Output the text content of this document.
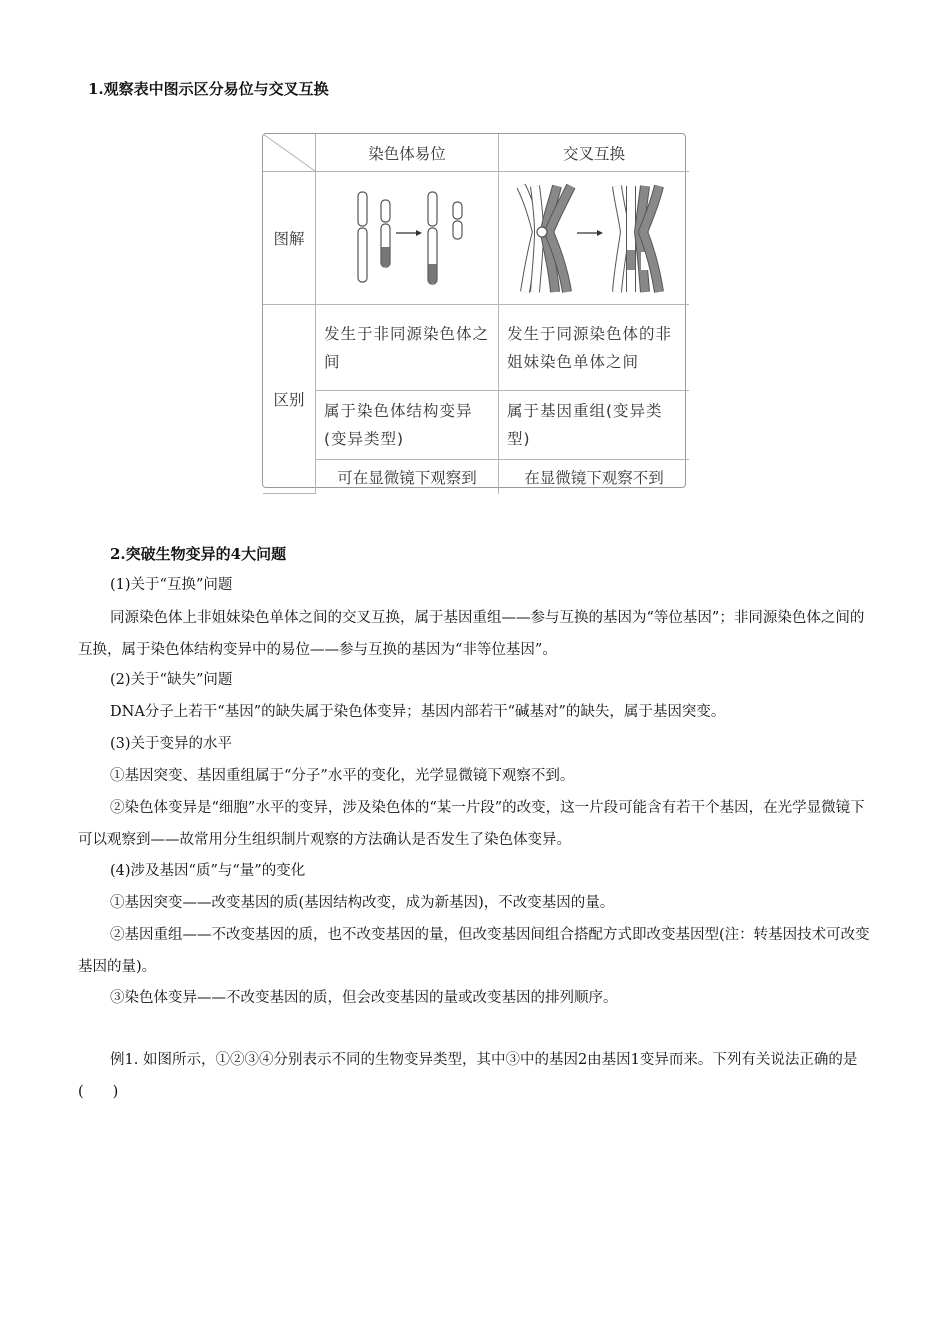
1.观察表中图示区分易位与交叉互换
	染色体易位	交叉互换
图解	

区别	发生于非同源染色体之间	发生于同源染色体的非姐妹染色单体之间

	属于染色体结构变异(变异类型)	属于基因重组(变异类型)

	可在显微镜下观察到	在显微镜下观察不到
2.突破生物变异的4大问题
(1)关于“互换”问题
同源染色体上非姐妹染色单体之间的交叉互换，属于基因重组——参与互换的基因为“等位基因”；非同源染色体之间的互换，属于染色体结构变异中的易位——参与互换的基因为“非等位基因”。
(2)关于“缺失”问题
DNA分子上若干“基因”的缺失属于染色体变异；基因内部若干“碱基对”的缺失，属于基因突变。
(3)关于变异的水平
①基因突变、基因重组属于“分子”水平的变化，光学显微镜下观察不到。
②染色体变异是“细胞”水平的变异，涉及染色体的“某一片段”的改变，这一片段可能含有若干个基因，在光学显微镜下可以观察到——故常用分生组织制片观察的方法确认是否发生了染色体变异。
(4)涉及基因“质”与“量”的变化
①基因突变——改变基因的质(基因结构改变，成为新基因)，不改变基因的量。
②基因重组——不改变基因的质，也不改变基因的量，但改变基因间组合搭配方式即改变基因型(注：转基因技术可改变基因的量)。
③染色体变异——不改变基因的质，但会改变基因的量或改变基因的排列顺序。
例1. 如图所示，①②③④分别表示不同的生物变异类型，其中③中的基因2由基因1变异而来。下列有关说法正确的是(　　)
